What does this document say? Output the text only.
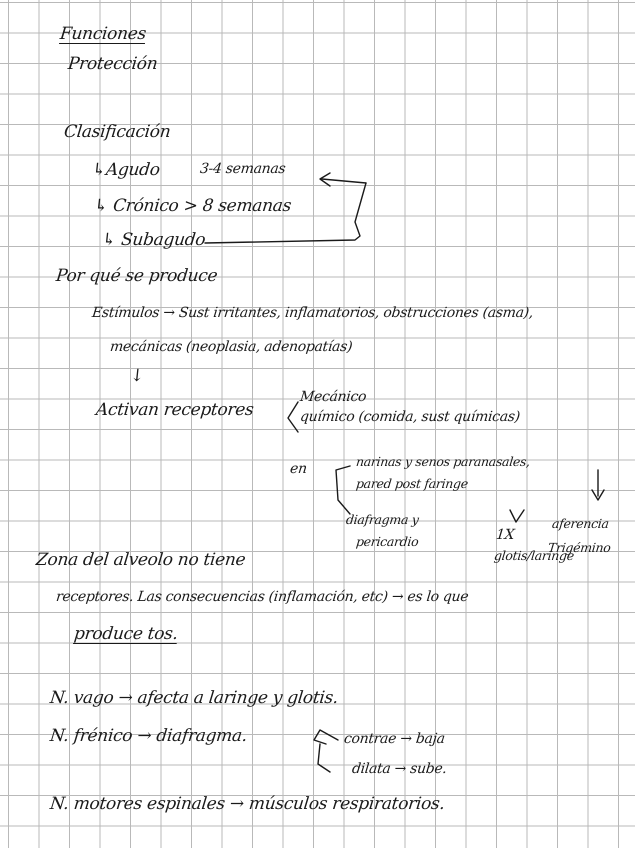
Funciones
Protección
Clasificación
↳Agudo	3-4 semanas
↳ Crónico > 8 semanas
↳ Subagudo
Por qué se produce
Estímulos → Sust irritantes, inflamatorios, obstrucciones (asma),
mecánicas (neoplasia, adenopatías)
↓
Activan receptores
Mecánico
químico (comida, sust químicas)
en	narinas y senos paranasales,
pared post faringe
diafragma y
pericardio	1X
glotis/laringe
aferencia
Trigémino
Zona del alveolo no tiene
receptores. Las consecuencias (inflamación, etc) → es lo que
produce tos.
N. vago → afecta a laringe y glotis.
N. frénico → diafragma.	contrae → baja
dilata → sube.
N. motores espinales → músculos respiratorios.
